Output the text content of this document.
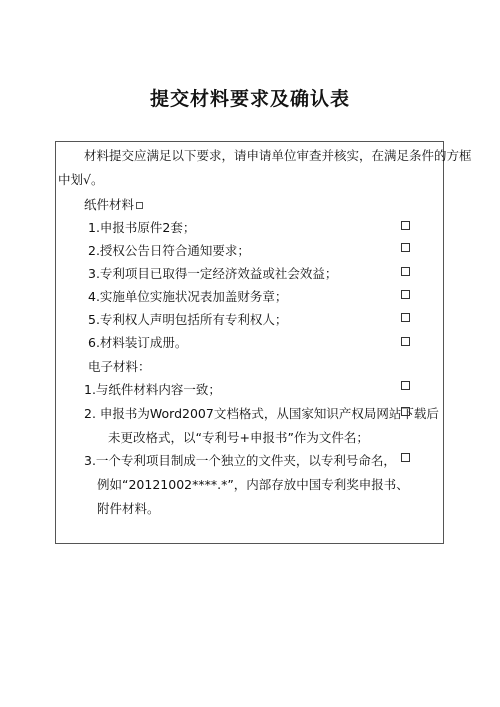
提交材料要求及确认表
材料提交应满足以下要求，请申请单位审查并核实，在满足条件的方框
中划√。
纸件材料
1.申报书原件2套；
2.授权公告日符合通知要求；
3.专利项目已取得一定经济效益或社会效益；
4.实施单位实施状况表加盖财务章；
5.专利权人声明包括所有专利权人；
6.材料装订成册。
电子材料：
1.与纸件材料内容一致；
2. 申报书为Word2007文档格式，从国家知识产权局网站下载后
未更改格式，以“专利号+申报书”作为文件名；
3.一个专利项目制成一个独立的文件夹，以专利号命名，
例如“20121002****.*”，内部存放中国专利奖申报书、
附件材料。
